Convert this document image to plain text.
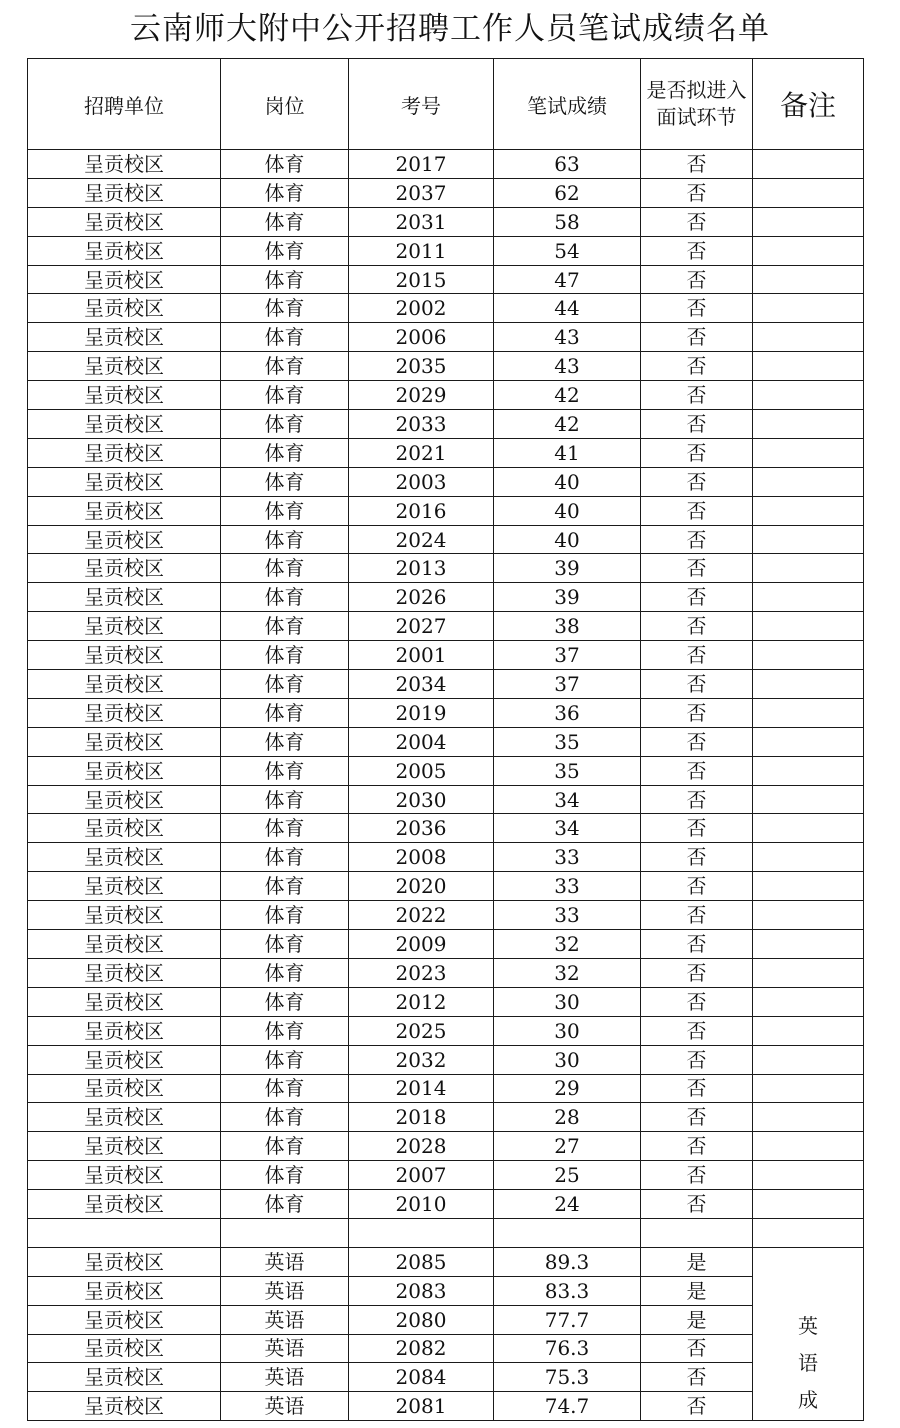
云南师大附中公开招聘工作人员笔试成绩名单
招聘单位	岗位	考号	笔试成绩	是否拟进入面试环节	备注
呈贡校区	体育	2017	63	否	
呈贡校区	体育	2037	62	否	
呈贡校区	体育	2031	58	否	
呈贡校区	体育	2011	54	否	
呈贡校区	体育	2015	47	否	
呈贡校区	体育	2002	44	否	
呈贡校区	体育	2006	43	否	
呈贡校区	体育	2035	43	否	
呈贡校区	体育	2029	42	否	
呈贡校区	体育	2033	42	否	
呈贡校区	体育	2021	41	否	
呈贡校区	体育	2003	40	否	
呈贡校区	体育	2016	40	否	
呈贡校区	体育	2024	40	否	
呈贡校区	体育	2013	39	否	
呈贡校区	体育	2026	39	否	
呈贡校区	体育	2027	38	否	
呈贡校区	体育	2001	37	否	
呈贡校区	体育	2034	37	否	
呈贡校区	体育	2019	36	否	
呈贡校区	体育	2004	35	否	
呈贡校区	体育	2005	35	否	
呈贡校区	体育	2030	34	否	
呈贡校区	体育	2036	34	否	
呈贡校区	体育	2008	33	否	
呈贡校区	体育	2020	33	否	
呈贡校区	体育	2022	33	否	
呈贡校区	体育	2009	32	否	
呈贡校区	体育	2023	32	否	
呈贡校区	体育	2012	30	否	
呈贡校区	体育	2025	30	否	
呈贡校区	体育	2032	30	否	
呈贡校区	体育	2014	29	否	
呈贡校区	体育	2018	28	否	
呈贡校区	体育	2028	27	否	
呈贡校区	体育	2007	25	否	
呈贡校区	体育	2010	24	否	

呈贡校区	英语	2085	89.3	是	英语成

呈贡校区	英语	2083	83.3	是	
呈贡校区	英语	2080	77.7	是	
呈贡校区	英语	2082	76.3	否	
呈贡校区	英语	2084	75.3	否	
呈贡校区	英语	2081	74.7	否	
